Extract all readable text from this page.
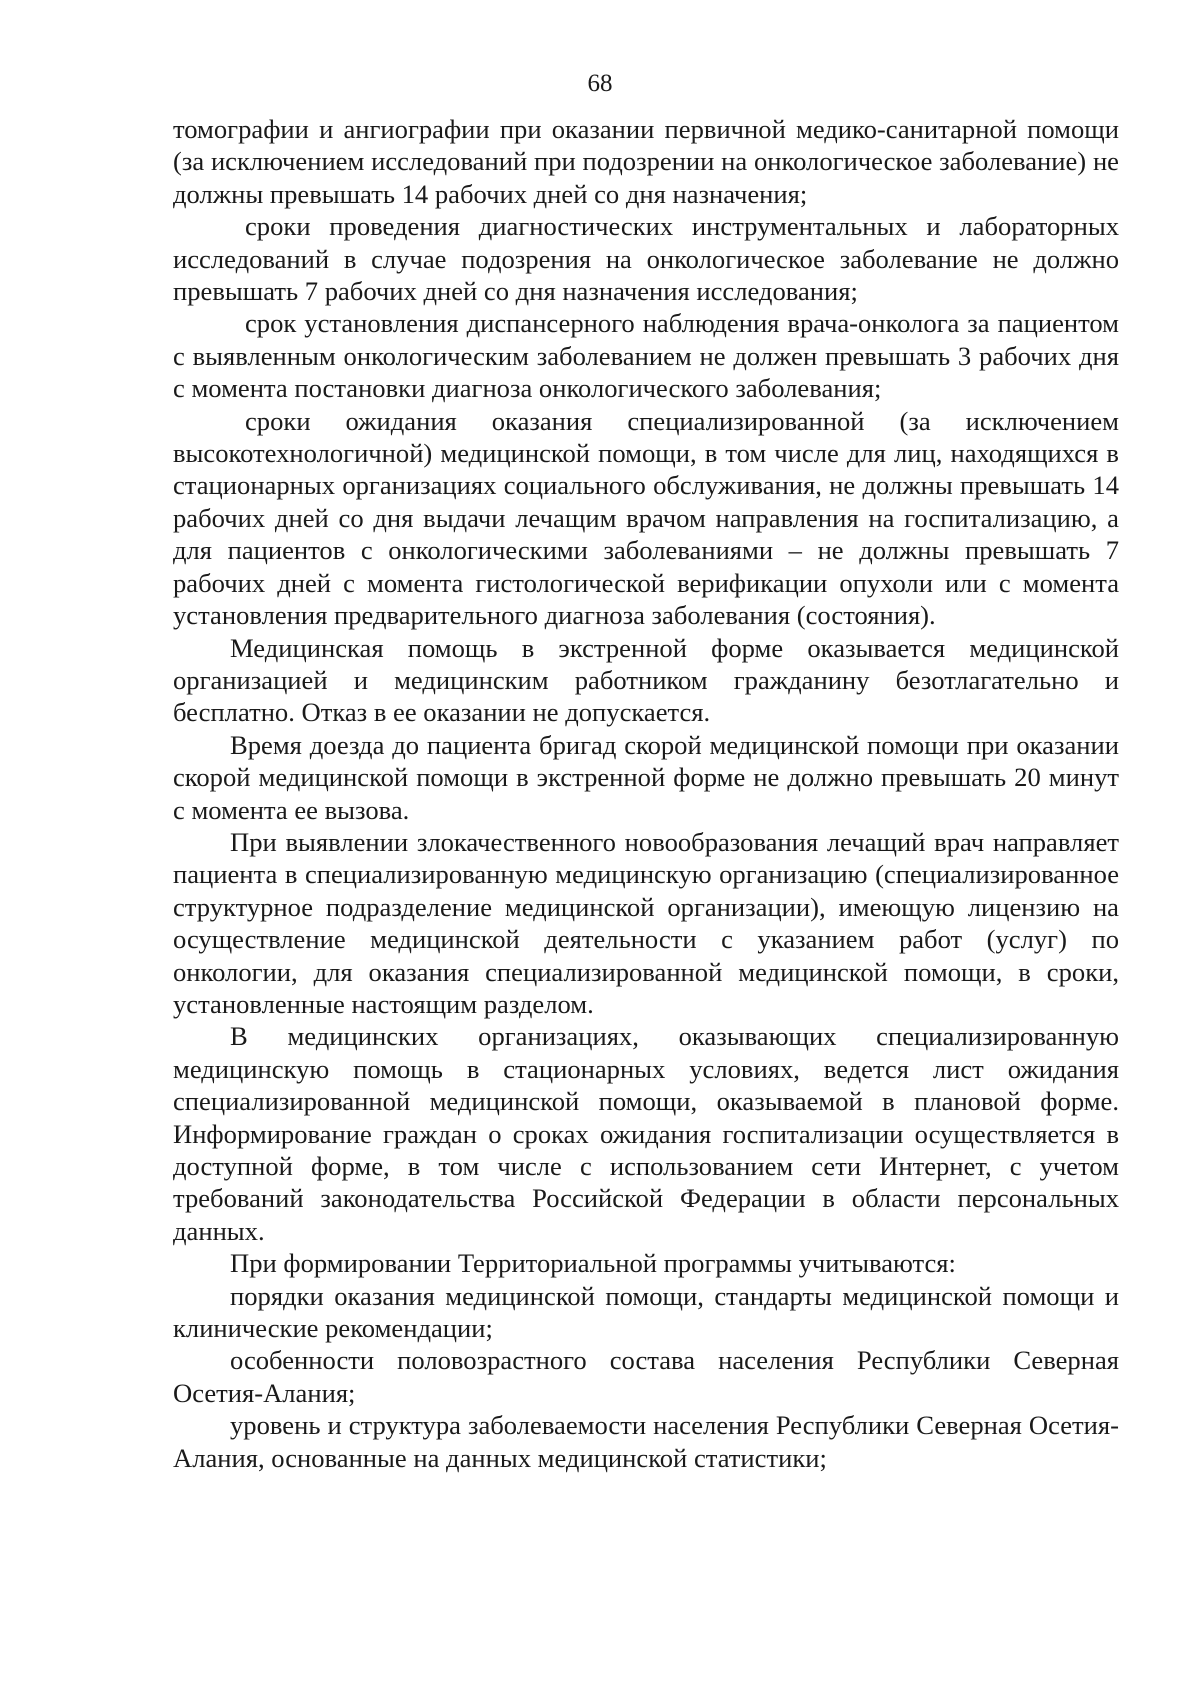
68

томографии и ангиографии при оказании первичной медико-санитарной помощи (за исключением исследований при подозрении на онкологическое заболевание) не должны превышать 14 рабочих дней со дня назначения;

сроки проведения диагностических инструментальных и лабораторных исследований в случае подозрения на онкологическое заболевание не должно превышать 7 рабочих дней со дня назначения исследования;

срок установления диспансерного наблюдения врача-онколога за пациентом с выявленным онкологическим заболеванием не должен превышать 3 рабочих дня с момента постановки диагноза онкологического заболевания;

сроки ожидания оказания специализированной (за исключением высокотехнологичной) медицинской помощи, в том числе для лиц, находящихся в стационарных организациях социального обслуживания, не должны превышать 14 рабочих дней со дня выдачи лечащим врачом направления на госпитализацию, а для пациентов с онкологическими заболеваниями – не должны превышать 7 рабочих дней с момента гистологической верификации опухоли или с момента установления предварительного диагноза заболевания (состояния).

Медицинская помощь в экстренной форме оказывается медицинской организацией и медицинским работником гражданину безотлагательно и бесплатно. Отказ в ее оказании не допускается.

Время доезда до пациента бригад скорой медицинской помощи при оказании скорой медицинской помощи в экстренной форме не должно превышать 20 минут с момента ее вызова.

При выявлении злокачественного новообразования лечащий врач направляет пациента в специализированную медицинскую организацию (специализированное структурное подразделение медицинской организации), имеющую лицензию на осуществление медицинской деятельности с указанием работ (услуг) по онкологии, для оказания специализированной медицинской помощи, в сроки, установленные настоящим разделом.

В медицинских организациях, оказывающих специализированную медицинскую помощь в стационарных условиях, ведется лист ожидания специализированной медицинской помощи, оказываемой в плановой форме. Информирование граждан о сроках ожидания госпитализации осуществляется в доступной форме, в том числе с использованием сети Интернет, с учетом требований законодательства Российской Федерации в области персональных данных.

При формировании Территориальной программы учитываются:

порядки оказания медицинской помощи, стандарты медицинской помощи и клинические рекомендации;

особенности половозрастного состава населения Республики Северная Осетия-Алания;

уровень и структура заболеваемости населения Республики Северная Осетия-Алания, основанные на данных медицинской статистики;
